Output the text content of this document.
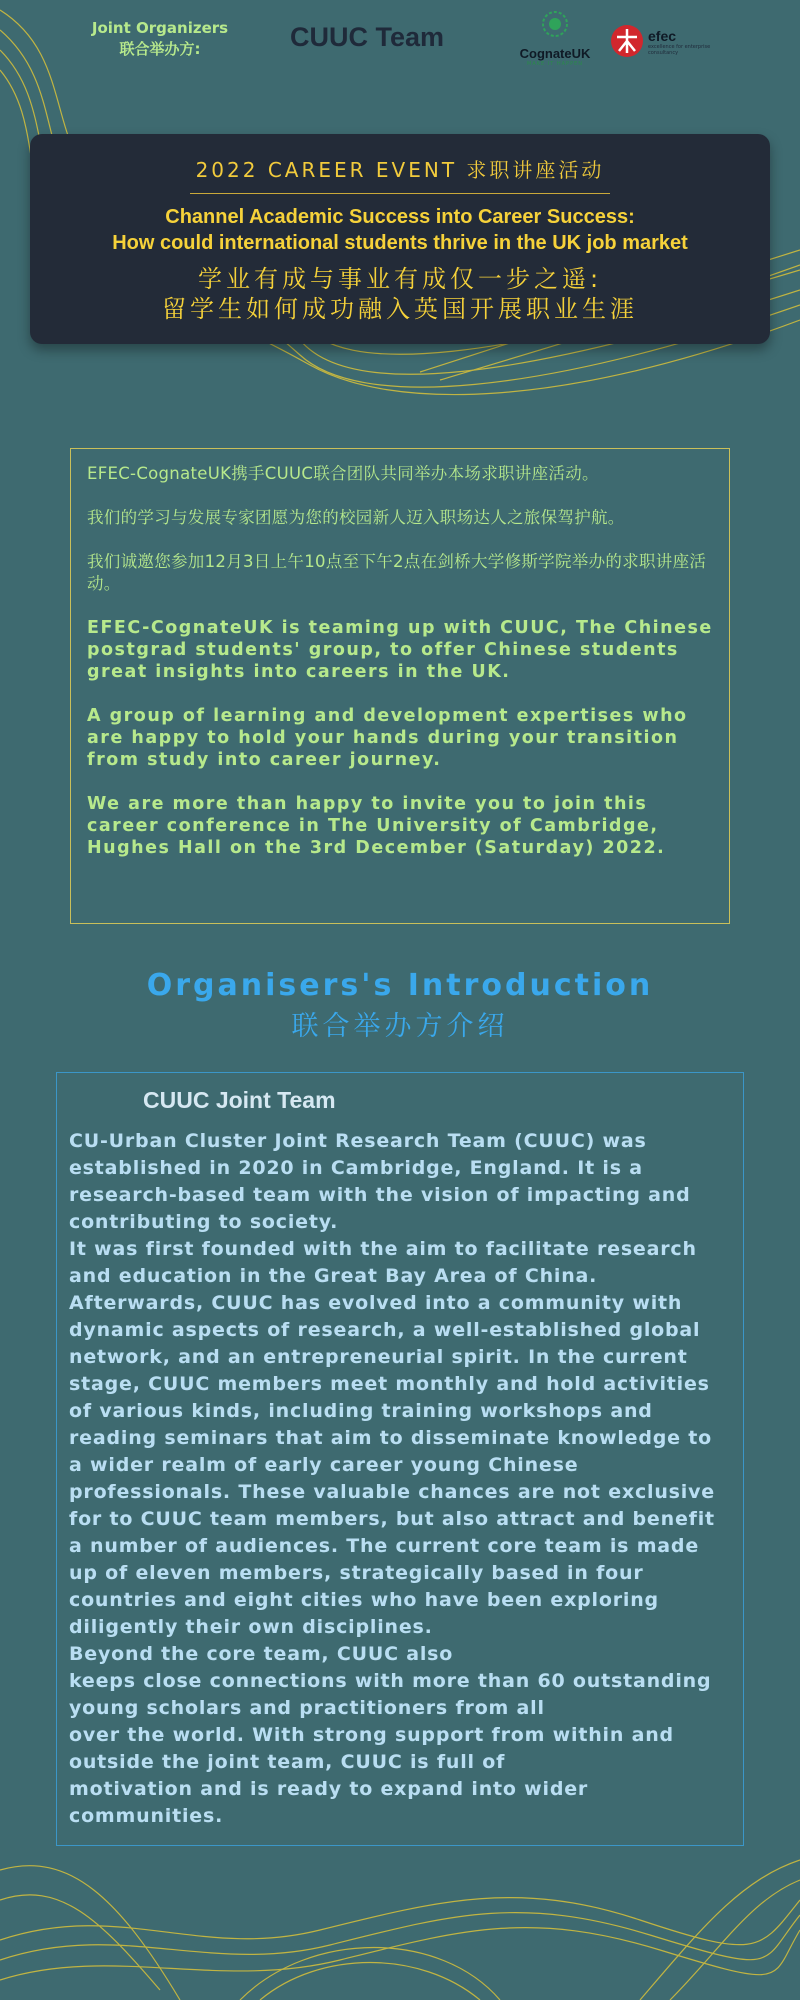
Joint Organizers
联合举办方:	CUUC Team
CognateUK
MAKE IT HAPPEN
efec
excellence for enterprise consultancy
2022 CAREER EVENT 求职讲座活动
Channel Academic Success into Career Success:
How could international students thrive in the UK job market
学业有成与事业有成仅一步之遥:
留学生如何成功融入英国开展职业生涯

EFEC-CognateUK携手CUUC联合团队共同举办本场求职讲座活动。

我们的学习与发展专家团愿为您的校园新人迈入职场达人之旅保驾护航。

我们诚邀您参加12月3日上午10点至下午2点在剑桥大学修斯学院举办的求职讲座活动。

EFEC-CognateUK is teaming up with CUUC, The Chinese postgrad students' group, to offer Chinese students great insights into careers in the UK.

A group of learning and development expertises who are happy to hold your hands during your transition from study into career journey.

We are more than happy to invite you to join this career conference in The University of Cambridge, Hughes Hall on the 3rd December (Saturday) 2022.

Organisers's Introduction
联合举办方介绍
CUUC Joint Team
CU-Urban Cluster Joint Research Team (CUUC) was established in 2020 in Cambridge, England. It is a research-based team with the vision of impacting and contributing to society.
It was first founded with the aim to facilitate research and education in the Great Bay Area of China. Afterwards, CUUC has evolved into a community with dynamic aspects of research, a well-established global network, and an entrepreneurial spirit. In the current stage, CUUC members meet monthly and hold activities
of various kinds, including training workshops and reading seminars that aim to disseminate knowledge to a wider realm of early career young Chinese professionals. These valuable chances are not exclusive for to CUUC team members, but also attract and benefit a number of audiences. The current core team is made up of eleven members, strategically based in four countries and eight cities who have been exploring diligently their own disciplines.
Beyond the core team, CUUC also
keeps close connections with more than 60 outstanding young scholars and practitioners from all
over the world. With strong support from within and outside the joint team, CUUC is full of
motivation and is ready to expand into wider communities.
